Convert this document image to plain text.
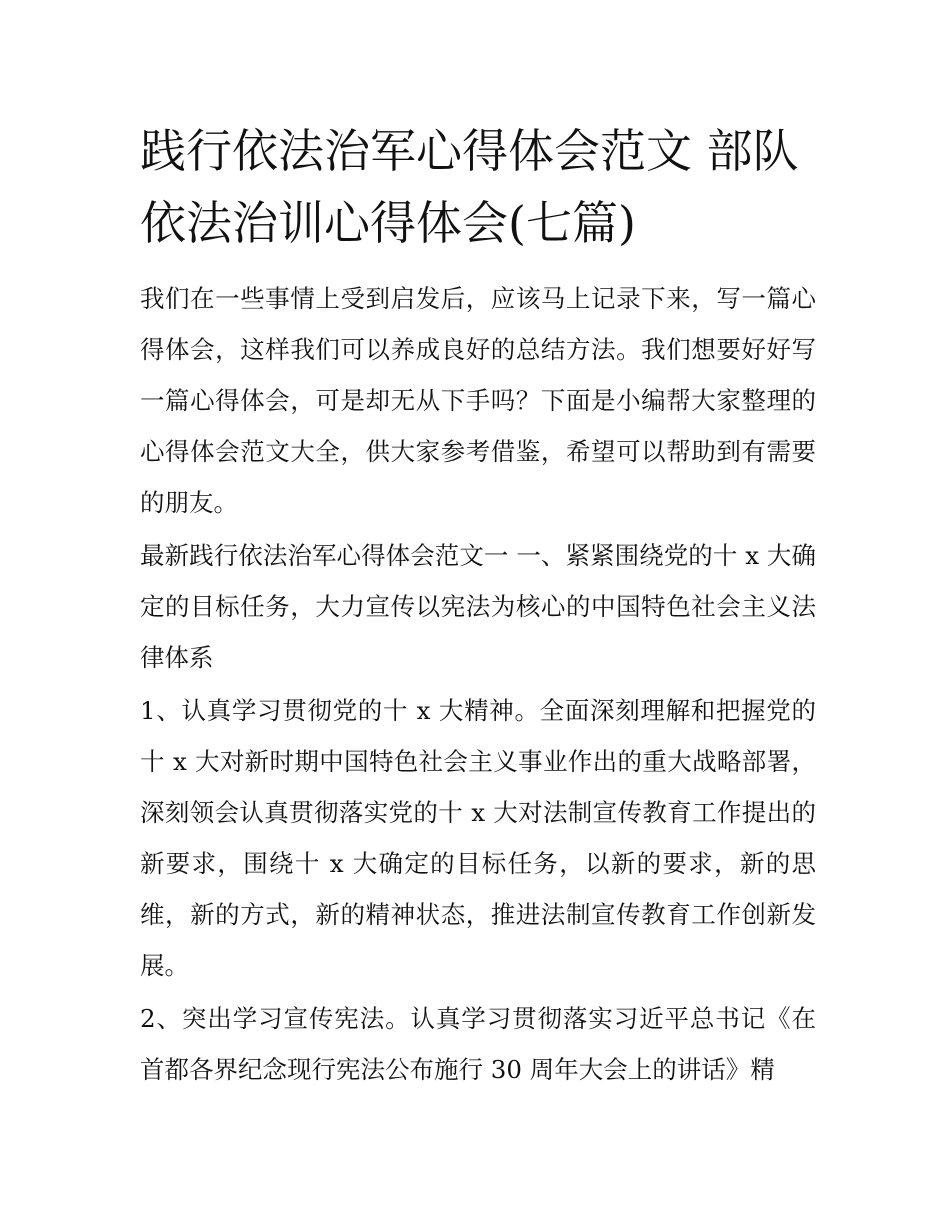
践行依法治军心得体会范文 部队依法治训心得体会(七篇)

我们在一些事情上受到启发后，应该马上记录下来，写一篇心得体会，这样我们可以养成良好的总结方法。我们想要好好写一篇心得体会，可是却无从下手吗？下面是小编帮大家整理的心得体会范文大全，供大家参考借鉴，希望可以帮助到有需要的朋友。

最新践行依法治军心得体会范文一 一、紧紧围绕党的十 x 大确定的目标任务，大力宣传以宪法为核心的中国特色社会主义法律体系

1、认真学习贯彻党的十 x 大精神。全面深刻理解和把握党的十 x 大对新时期中国特色社会主义事业作出的重大战略部署，深刻领会认真贯彻落实党的十 x 大对法制宣传教育工作提出的新要求，围绕十 x 大确定的目标任务，以新的要求，新的思维，新的方式，新的精神状态，推进法制宣传教育工作创新发展。

2、突出学习宣传宪法。认真学习贯彻落实习近平总书记《在首都各界纪念现行宪法公布施行 30 周年大会上的讲话》精
